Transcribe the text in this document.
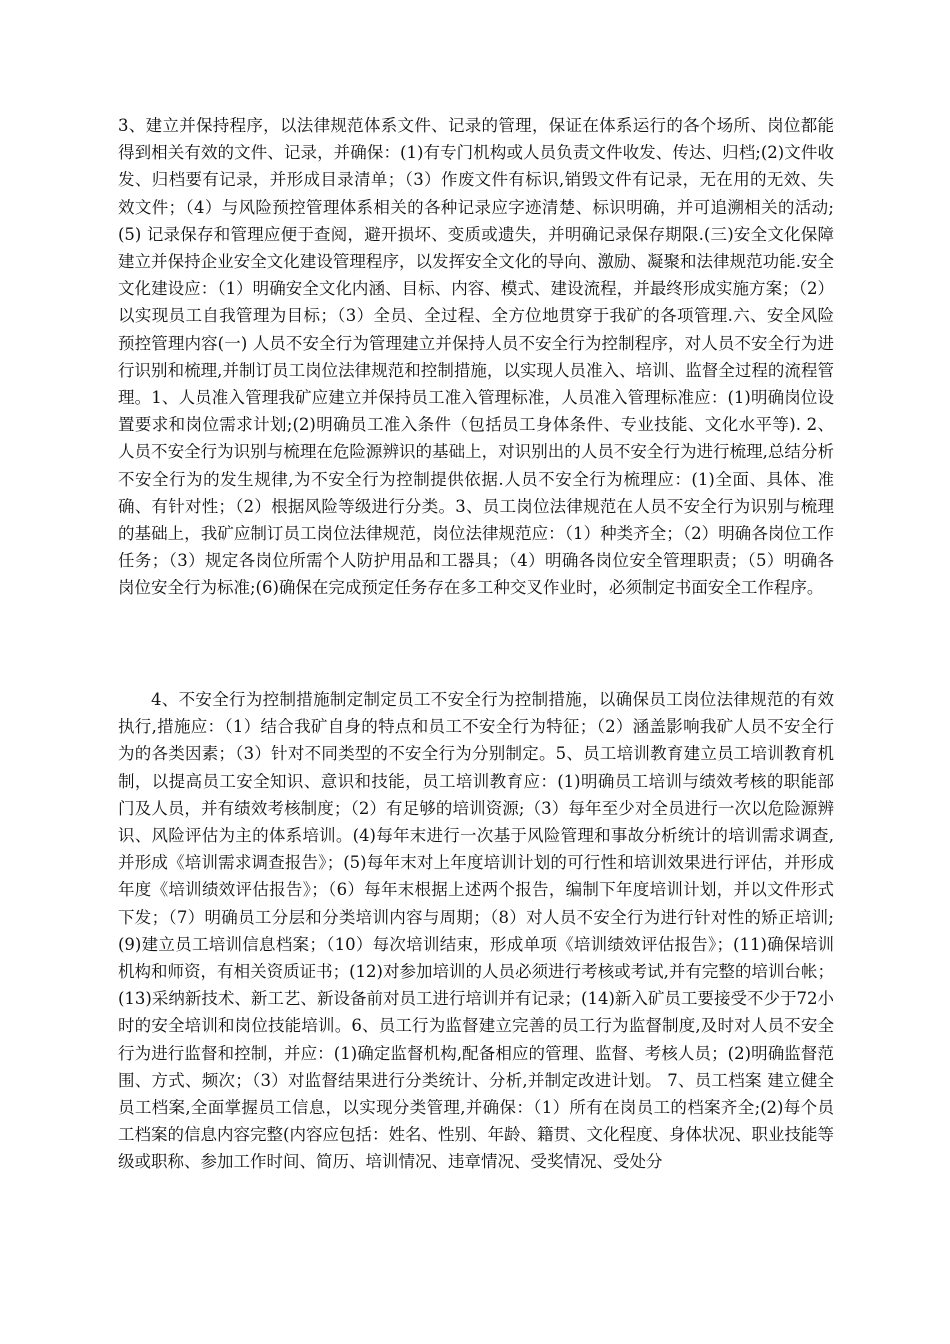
3、建立并保持程序，以法律规范体系文件、记录的管理，保证在体系运行的各个场所、岗位都能得到相关有效的文件、记录，并确保：(1)有专门机构或人员负责文件收发、传达、归档;(2)文件收发、归档要有记录，并形成目录清单；（3）作废文件有标识,销毁文件有记录，无在用的无效、失效文件；（4）与风险预控管理体系相关的各种记录应字迹清楚、标识明确，并可追溯相关的活动;(5) 记录保存和管理应便于查阅，避开损坏、变质或遗失，并明确记录保存期限.(三)安全文化保障建立并保持企业安全文化建设管理程序，以发挥安全文化的导向、激励、凝聚和法律规范功能.安全文化建设应：（1）明确安全文化内涵、目标、内容、模式、建设流程，并最终形成实施方案；（2）以实现员工自我管理为目标；（3）全员、全过程、全方位地贯穿于我矿的各项管理.六、安全风险预控管理内容(一) 人员不安全行为管理建立并保持人员不安全行为控制程序，对人员不安全行为进行识别和梳理,并制订员工岗位法律规范和控制措施，以实现人员准入、培训、监督全过程的流程管理。1、人员准入管理我矿应建立并保持员工准入管理标准，人员准入管理标准应：(1)明确岗位设置要求和岗位需求计划;(2)明确员工准入条件（包括员工身体条件、专业技能、文化水平等). 2、人员不安全行为识别与梳理在危险源辨识的基础上，对识别出的人员不安全行为进行梳理,总结分析不安全行为的发生规律,为不安全行为控制提供依据.人员不安全行为梳理应：(1)全面、具体、准确、有针对性；（2）根据风险等级进行分类。3、员工岗位法律规范在人员不安全行为识别与梳理的基础上，我矿应制订员工岗位法律规范，岗位法律规范应：（1）种类齐全；（2）明确各岗位工作任务；（3）规定各岗位所需个人防护用品和工器具；（4）明确各岗位安全管理职责；（5）明确各岗位安全行为标准;(6)确保在完成预定任务存在多工种交叉作业时，必须制定书面安全工作程序。

4、不安全行为控制措施制定制定员工不安全行为控制措施，以确保员工岗位法律规范的有效执行,措施应：（1）结合我矿自身的特点和员工不安全行为特征；（2）涵盖影响我矿人员不安全行为的各类因素；（3）针对不同类型的不安全行为分别制定。5、员工培训教育建立员工培训教育机制，以提高员工安全知识、意识和技能，员工培训教育应：(1)明确员工培训与绩效考核的职能部门及人员，并有绩效考核制度；（2）有足够的培训资源;（3）每年至少对全员进行一次以危险源辨识、风险评估为主的体系培训。(4)每年末进行一次基于风险管理和事故分析统计的培训需求调查,并形成《培训需求调查报告》；(5)每年末对上年度培训计划的可行性和培训效果进行评估，并形成年度《培训绩效评估报告》；（6）每年末根据上述两个报告，编制下年度培训计划，并以文件形式下发；（7）明确员工分层和分类培训内容与周期；（8）对人员不安全行为进行针对性的矫正培训;(9)建立员工培训信息档案；（10）每次培训结束，形成单项《培训绩效评估报告》；(11)确保培训机构和师资，有相关资质证书；(12)对参加培训的人员必须进行考核或考试,并有完整的培训台帐；(13)采纳新技术、新工艺、新设备前对员工进行培训并有记录；(14)新入矿员工要接受不少于72小时的安全培训和岗位技能培训。6、员工行为监督建立完善的员工行为监督制度,及时对人员不安全行为进行监督和控制，并应：(1)确定监督机构,配备相应的管理、监督、考核人员；(2)明确监督范围、方式、频次；（3）对监督结果进行分类统计、分析,并制定改进计划。 7、员工档案 建立健全员工档案,全面掌握员工信息，以实现分类管理,并确保：（1）所有在岗员工的档案齐全;(2)每个员工档案的信息内容完整(内容应包括：姓名、性别、年龄、籍贯、文化程度、身体状况、职业技能等级或职称、参加工作时间、简历、培训情况、违章情况、受奖情况、受处分
